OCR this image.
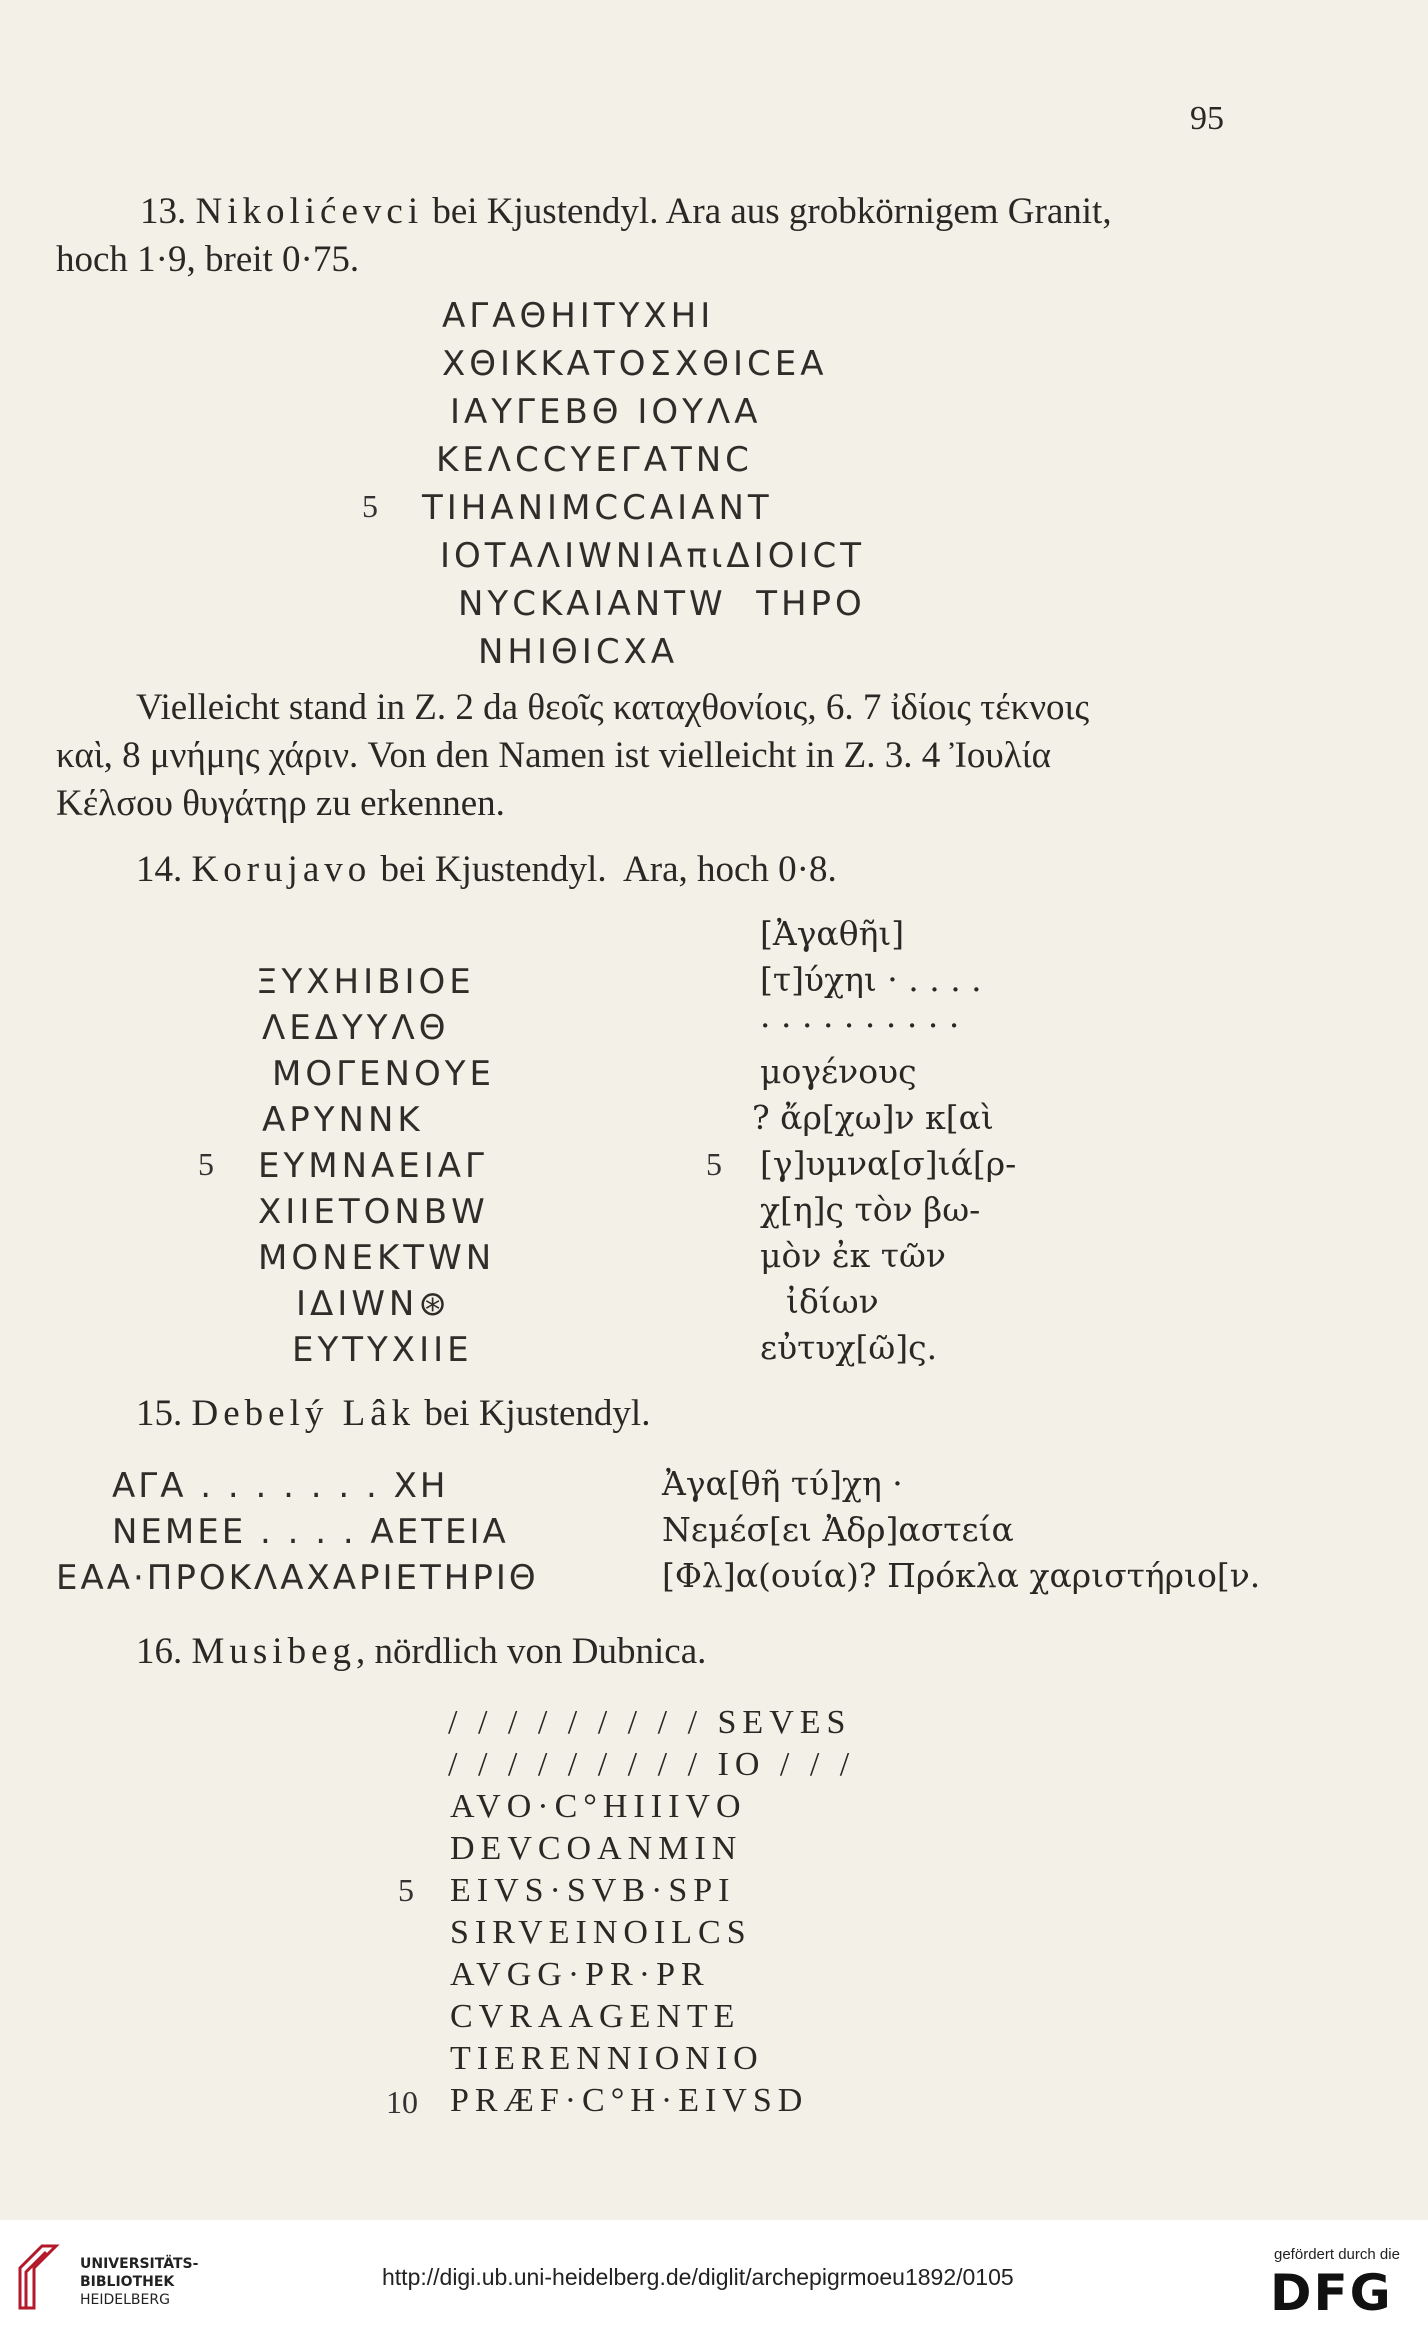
95
13. Nikolićevci bei Kjustendyl. Ara aus grobkörnigem Granit,
hoch 1·9, breit 0·75.
ΑΓΑΘΗΙΤΥΧΗΙ
ΧΘΙΚΚΑΤΟΣΧΘΙCEA
ΙΑΥΓΕΒΘ ΙΟΥΛΑ
ΚΕΛCCΥΕΓΑΤΝC
5 ΤΙΗΑΝΙΜCCΑΙΑΝΤ
ΙΟΤΑΛΙWΝΙΑπιΔΙΟΙCΤ
ΝΥCΚΑΙΑΝΤW  ΤΗΡΟ
ΝΗΙΘΙCΧΑ
Vielleicht stand in Z. 2 da θεοῖς καταχθονίοις, 6. 7 ἰδίοις τέκνοις
καὶ, 8 μνήμης χάριν. Von den Namen ist vielleicht in Z. 3. 4 Ἰουλία
Κέλσου θυγάτηρ zu erkennen.
14. Korujavo bei Kjustendyl.  Ara, hoch 0·8.
ΞΥΧΗΙΒΙΟΕ
ΛΕΔΥΥΛΘ
ΜΟΓΕΝΟΥΕ
ΑΡΥΝΝΚ
5 ΕΥΜΝΑΕΙΑΓ
ΧΙΙΕΤΟΝΒW
ΜΟΝΕΚΤWΝ
ΙΔΙWΝ⊛
ΕΥΤΥΧΙΙΕ
[Ἀγαθῆι]
[τ]ύχηι · . . . .
· · · · · · · · · ·
μογένους
? ἄρ[χω]ν κ[αὶ
5 [γ]υμνα[σ]ιά[ρ-
χ[η]ς τὸν βω-
μὸν ἐκ τῶν
ἰδίων
εὐτυχ[ῶ]ς.
15. Debelý Lâk bei Kjustendyl.
ΑΓΑ . . . . . . . ΧΗ
ΝΕΜΕΕ . . . . ΑΕΤΕΙΑ
ΕΑΑ·ΠΡΟΚΛΑΧΑΡΙΕΤΗΡΙΘ
Ἀγα[θῆ τύ]χη ·
Νεμέσ[ει Ἀδρ]αστεία
[Φλ]α(ουία)? Πρόκλα χαριστήριο[ν.
16. Musibeg, nördlich von Dubnica.
/ / / / / / / / / SEVES
/ / / / / / / / / IO / / /
AVO·C°HIIIVO
DEVCOANMIN
5 EIVS·SVB·SPI
SIRVEINOILCS
AVGG·PR·PR
CVRAAGENTE
TIERENNIONIO
10 PRÆF·C°H·EIVSD
UNIVERSITÄTS-
BIBLIOTHEK
HEIDELBERG
http://digi.ub.uni-heidelberg.de/diglit/archepigrmoeu1892/0105
gefördert durch die
DFG
